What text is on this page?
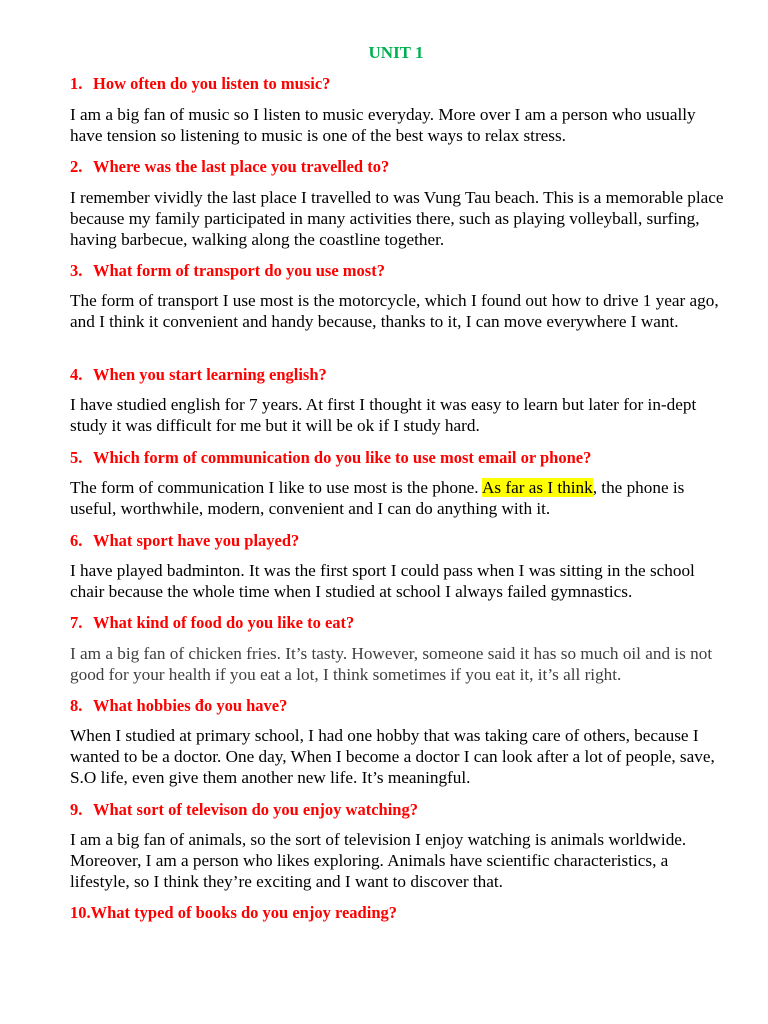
UNIT 1
1. How often do you listen to music?
I am a big fan of music so I listen to music everyday. More over I am a person who usually have tension so listening to music is one of the best ways to relax stress.
2. Where was the last place you travelled to?
I remember vividly the last place I travelled to was Vung Tau beach. This is a memorable place because my family participated in many activities there, such as playing volleyball, surfing, having barbecue, walking along the coastline together.
3. What form of transport do you use most?
The form of transport I use most is the motorcycle, which I found out how to drive 1 year ago, and I think it convenient and handy because, thanks to it, I can move everywhere I want.
4. When you start learning english?
I have studied english for 7 years. At first I thought it was easy to learn but later for in-dept study it was difficult for me but it will be ok if I study hard.
5. Which form of communication do you like to use most email or phone?
The form of communication I like to use most is the phone. As far as I think, the phone is useful, worthwhile, modern, convenient and I can do anything with it.
6. What sport have you played?
I have played badminton. It was the first sport I could pass when I was sitting in the school chair because the whole time when I studied at school I always failed gymnastics.
7. What kind of food do you like to eat?
I am a big fan of chicken fries. It’s tasty. However, someone said it has so much oil and is not good for your health if you eat a lot, I think sometimes if you eat it, it’s all right.
8. What hobbies đo you have?
When I studied at primary school, I had one hobby that was taking care of others, because I wanted to be a doctor. One day, When I become a doctor I can look after a lot of people, save, S.O life, even give them another new life. It’s meaningful.
9. What sort of televison do you enjoy watching?
I am a big fan of animals, so the sort of television I enjoy watching is animals worldwide. Moreover, I am a person who likes exploring. Animals have scientific characteristics, a lifestyle, so I think they’re exciting and I want to discover that.
10.What typed of books do you enjoy reading?
